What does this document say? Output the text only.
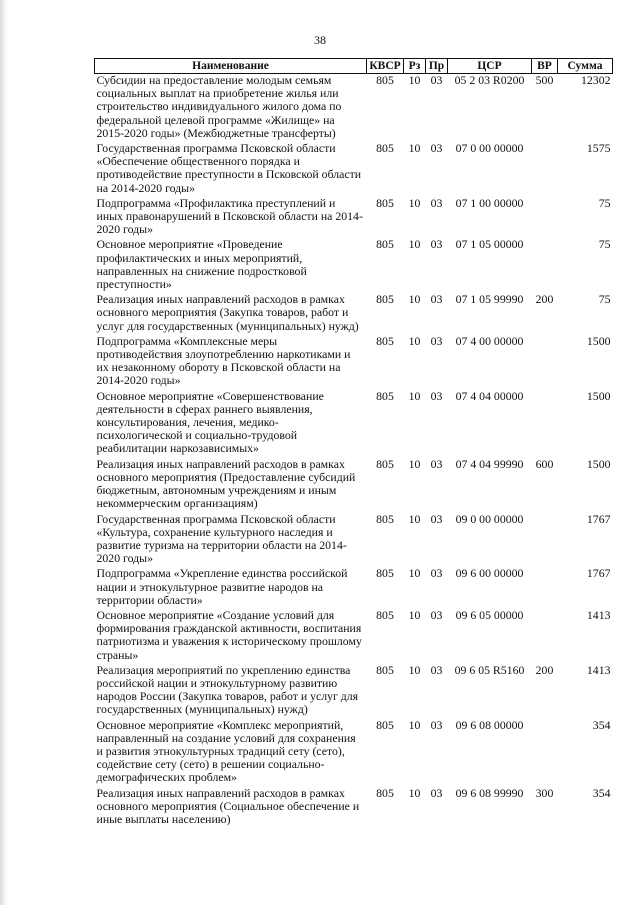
38
Наименование	КВСР	Рз	Пр	ЦСР	ВР	Сумма
Субсидии на предоставление молодым семьям социальных выплат на приобретение жилья или строительство индивидуального жилого дома по федеральной целевой программе «Жилище» на 2015-2020 годы» (Межбюджетные трансферты)	805	10	03	05 2 03 R0200	500	12302
Государственная программа Псковской области «Обеспечение общественного порядка и противодействие преступности в Псковской области на 2014-2020 годы»	805	10	03	07 0 00 00000		1575
Подпрограмма «Профилактика преступлений и иных правонарушений в Псковской области на 2014-2020 годы»	805	10	03	07 1 00 00000		75
Основное мероприятие «Проведение профилактических и иных мероприятий, направленных на снижение подростковой преступности»	805	10	03	07 1 05 00000		75
Реализация иных направлений расходов в рамках основного мероприятия (Закупка товаров, работ и услуг для государственных (муниципальных) нужд)	805	10	03	07 1 05 99990	200	75
Подпрограмма «Комплексные меры противодействия злоупотреблению наркотиками и их незаконному обороту в Псковской области на 2014-2020 годы»	805	10	03	07 4 00 00000		1500
Основное мероприятие «Совершенствование деятельности в сферах раннего выявления, консультирования, лечения, медико-психологической и социально-трудовой реабилитации наркозависимых»	805	10	03	07 4 04 00000		1500
Реализация иных направлений расходов в рамках основного мероприятия (Предоставление субсидий бюджетным, автономным учреждениям и иным некоммерческим организациям)	805	10	03	07 4 04 99990	600	1500
Государственная программа Псковской области «Культура, сохранение культурного наследия и развитие туризма на территории области на 2014-2020 годы»	805	10	03	09 0 00 00000		1767
Подпрограмма «Укрепление единства российской нации и этнокультурное развитие народов на территории области»	805	10	03	09 6 00 00000		1767
Основное мероприятие «Создание условий для формирования гражданской активности, воспитания патриотизма и уважения к историческому прошлому страны»	805	10	03	09 6 05 00000		1413
Реализация мероприятий по укреплению единства российской нации и этнокультурному развитию народов России (Закупка товаров, работ и услуг для государственных (муниципальных) нужд)	805	10	03	09 6 05 R5160	200	1413
Основное мероприятие «Комплекс мероприятий, направленный на создание условий для сохранения и развития этнокультурных традиций сету (сето), содействие сету (сето) в решении социально-демографических проблем»	805	10	03	09 6 08 00000		354
Реализация иных направлений расходов в рамках основного мероприятия (Социальное обеспечение и иные выплаты населению)	805	10	03	09 6 08 99990	300	354
